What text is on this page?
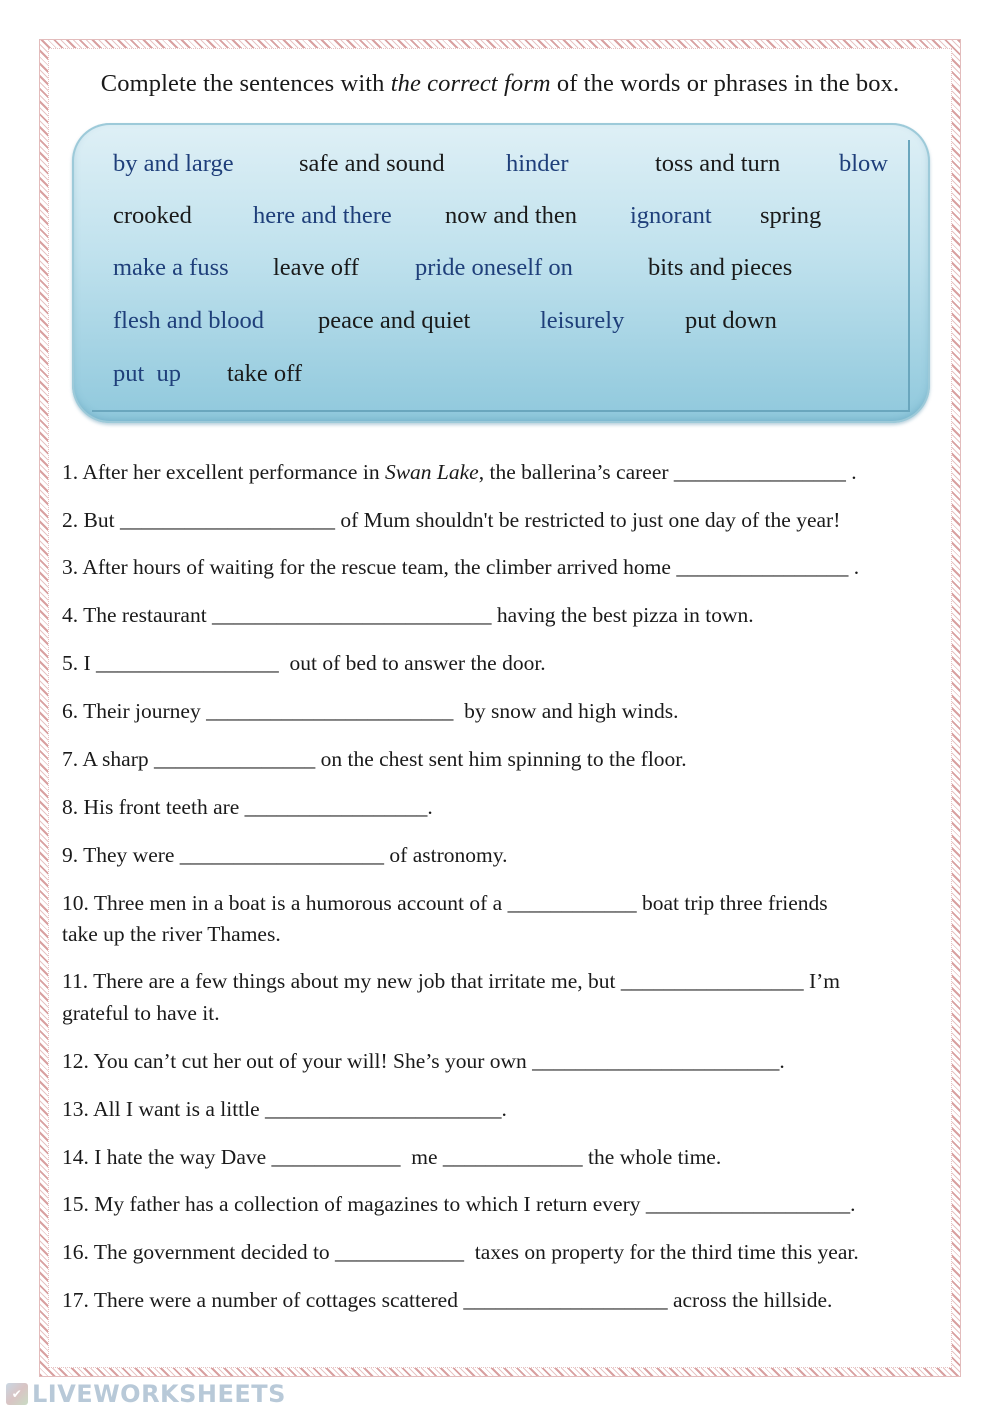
Complete the sentences with the correct form of the words or phrases in the box.
by and large	safe and sound	hinder	toss and turn blow
crooked here and there now and then ignorant spring
make a fuss leave off pride oneself on	bits and pieces
flesh and blood peace and quiet	leisurely put down
put  up take off
1. After her excellent performance in Swan Lake, the ballerina’s career ________________ .
2. But ____________________ of Mum shouldn't be restricted to just one day of the year!
3. After hours of waiting for the rescue team, the climber arrived home ________________ .
4. The restaurant __________________________ having the best pizza in town.
5. I _________________  out of bed to answer the door.
6. Their journey _______________________  by snow and high winds.
7. A sharp _______________ on the chest sent him spinning to the floor.
8. His front teeth are _________________.
9. They were ___________________ of astronomy.
10. Three men in a boat is a humorous account of a ____________ boat trip three friends
take up the river Thames.
11. There are a few things about my new job that irritate me, but _________________ I’m
grateful to have it.
12. You can’t cut her out of your will! She’s your own _______________________.
13. All I want is a little ______________________.
14. I hate the way Dave ____________  me _____________ the whole time.
15. My father has a collection of magazines to which I return every ___________________.
16. The government decided to ____________  taxes on property for the third time this year.
17. There were a number of cottages scattered ___________________ across the hillside.
✔ LIVEWORKSHEETS
